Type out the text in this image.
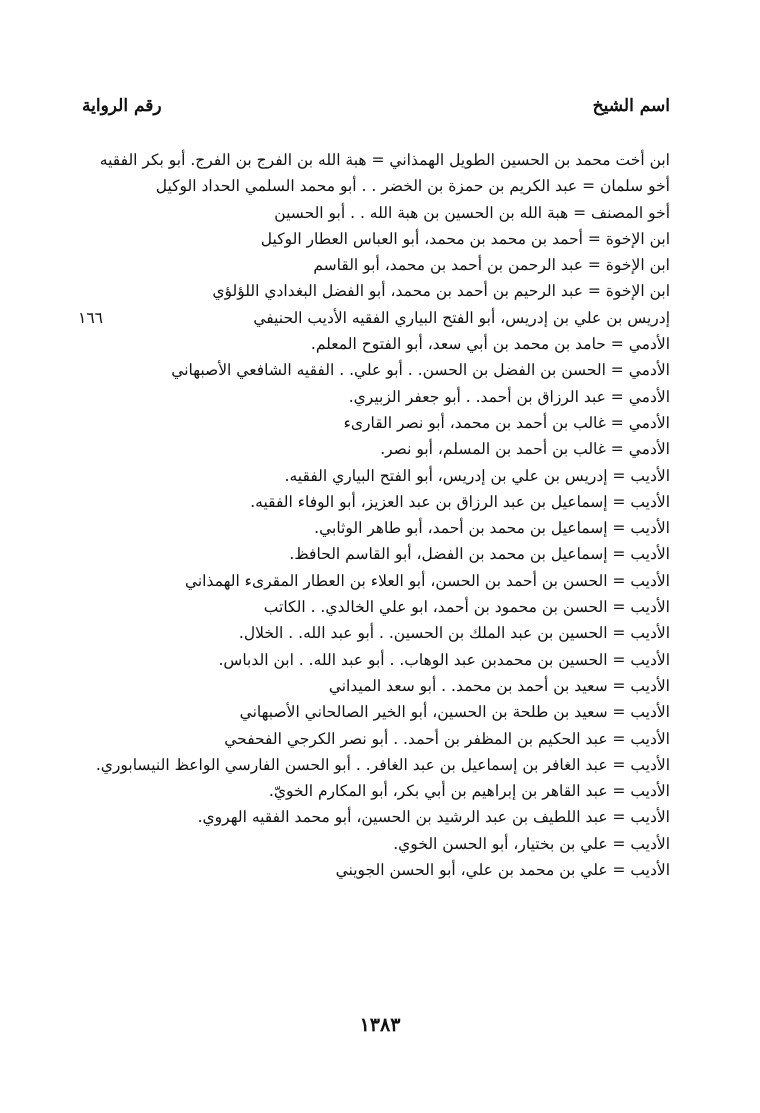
اسم الشيخ
رقم الرواية
ابن أخت محمد بن الحسين الطويل الهمذاني = هبة الله بن الفرج بن الفرج. أبو بكر الفقيه
أخو سلمان = عبد الكريم بن حمزة بن الخضر . . أبو محمد السلمي الحداد الوكيل
أخو المصنف = هبة الله بن الحسين بن هبة الله . . أبو الحسين
ابن الإخوة = أحمد بن محمد بن محمد، أبو العباس العطار الوكيل
ابن الإخوة = عبد الرحمن بن أحمد بن محمد، أبو القاسم
ابن الإخوة = عبد الرحيم بن أحمد بن محمد، أبو الفضل البغدادي اللؤلؤي
إدريس بن علي بن إدريس، أبو الفتح البياري الفقيه الأديب الحنيفي
١٦٦
الأدمي = حامد بن محمد بن أبي سعد، أبو الفتوح المعلم.
الأدمي = الحسن بن الفضل بن الحسن. . أبو علي. . الفقيه الشافعي الأصبهاني
الأدمي = عبد الرزاق بن أحمد. . أبو جعفر الزبيري.
الأدمي = غالب بن أحمد بن محمد، أبو نصر القارىء
الأدمي = غالب بن أحمد بن المسلم، أبو نصر.
الأديب = إدريس بن علي بن إدريس، أبو الفتح البياري الفقيه.
الأديب = إسماعيل بن عبد الرزاق بن عبد العزيز، أبو الوفاء الفقيه.
الأديب = إسماعيل بن محمد بن أحمد، أبو طاهر الوثابي.
الأديب = إسماعيل بن محمد بن الفضل، أبو القاسم الحافظ.
الأديب = الحسن بن أحمد بن الحسن، أبو العلاء بن العطار المقرىء الهمذاني
الأديب = الحسن بن محمود بن أحمد، ابو علي الخالدي. . الكاتب
الأديب = الحسين بن عبد الملك بن الحسين. . أبو عبد الله. . الخلال.
الأديب = الحسين بن محمدبن عبد الوهاب. . أبو عبد الله. . ابن الدباس.
الأديب = سعيد بن أحمد بن محمد. . أبو سعد الميداني
الأديب = سعيد بن طلحة بن الحسين، أبو الخير الصالحاني الأصبهاني
الأديب = عبد الحكيم بن المظفر بن أحمد. . أبو نصر الكرجي الفحفحي
الأديب = عبد الغافر بن إسماعيل بن عبد الغافر. . أبو الحسن الفارسي الواعظ النيسابوري.
الأديب = عبد القاهر بن إبراهيم بن أبي بكر، أبو المكارم الخويّ.
الأديب = عبد اللطيف بن عبد الرشيد بن الحسين، أبو محمد الفقيه الهروي.
الأديب = علي بن بختيار، أبو الحسن الخوي.
الأديب = علي بن محمد بن علي، أبو الحسن الجويني
١٣٨٣
